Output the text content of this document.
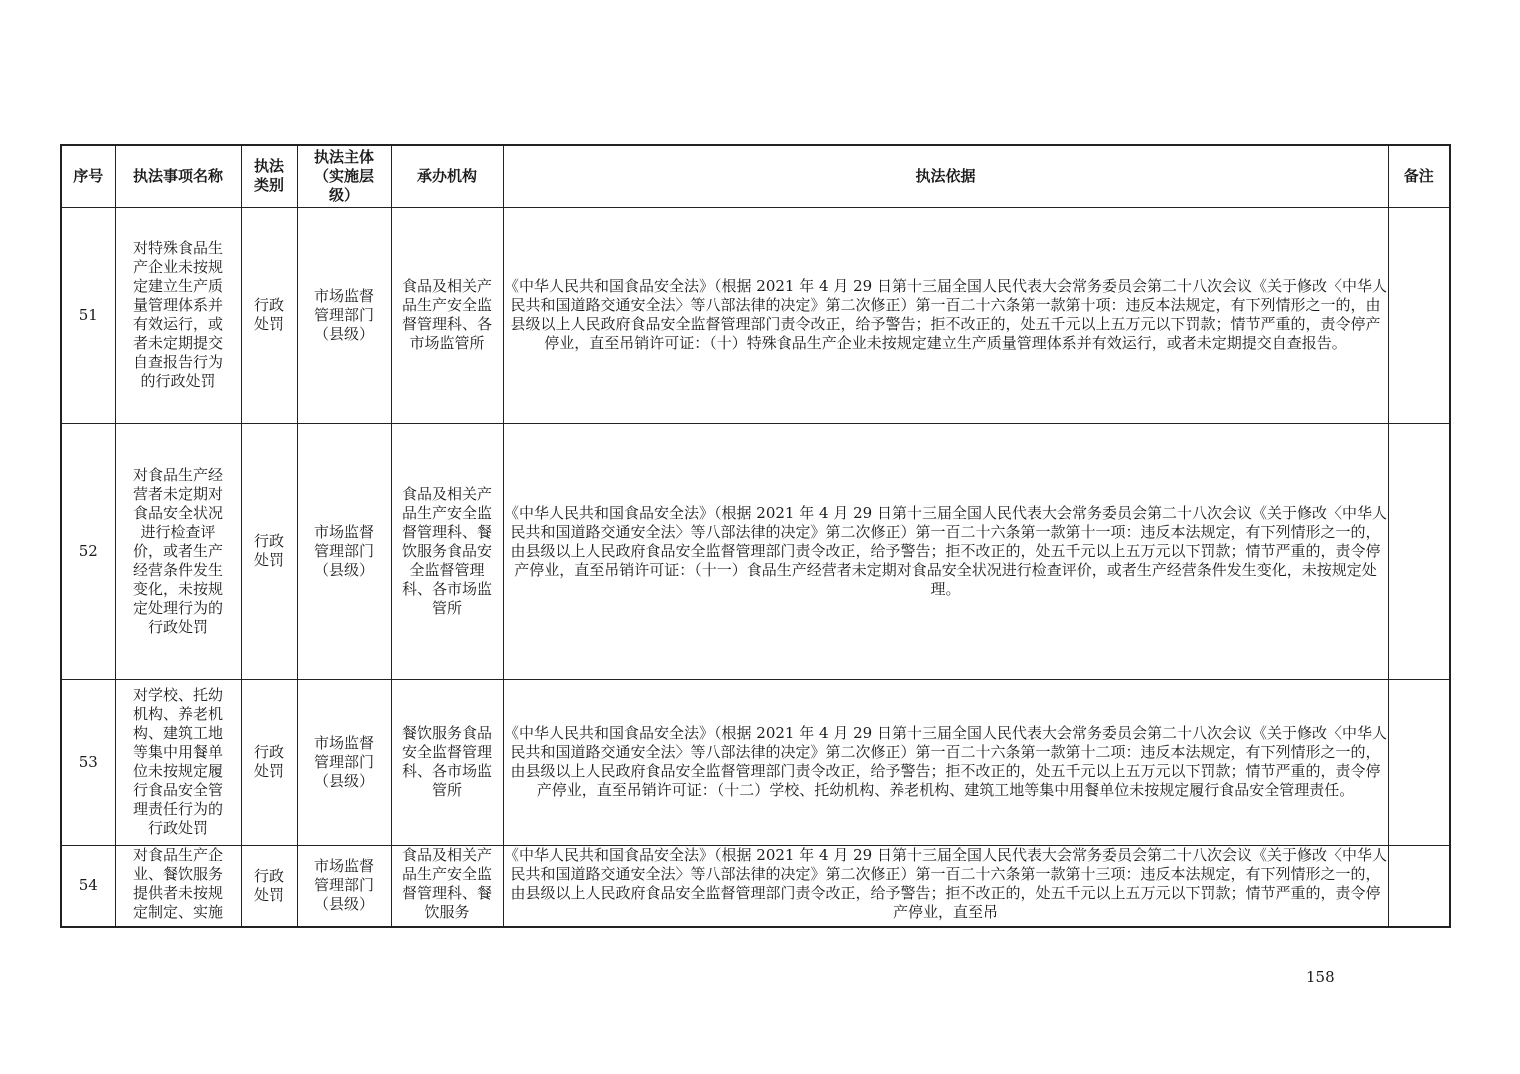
序号	执法事项名称	执法类别	执法主体（实施层级）	承办机构	执法依据	备注
51	对特殊食品生产企业未按规定建立生产质量管理体系并有效运行，或者未定期提交自查报告行为的行政处罚	行政处罚	市场监督管理部门（县级）	食品及相关产品生产安全监督管理科、各市场监管所	《中华人民共和国食品安全法》（根据 2021 年 4 月 29 日第十三届全国人民代表大会常务委员会第二十八次会议《关于修改〈中华人民共和国道路交通安全法〉等八部法律的决定》第二次修正）第一百二十六条第一款第十项：违反本法规定，有下列情形之一的，由县级以上人民政府食品安全监督管理部门责令改正，给予警告；拒不改正的，处五千元以上五万元以下罚款；情节严重的，责令停产停业，直至吊销许可证：（十）特殊食品生产企业未按规定建立生产质量管理体系并有效运行，或者未定期提交自查报告。	
52	对食品生产经营者未定期对食品安全状况进行检查评价，或者生产经营条件发生变化，未按规定处理行为的行政处罚	行政处罚	市场监督管理部门（县级）	食品及相关产品生产安全监督管理科、餐饮服务食品安全监督管理科、各市场监管所	《中华人民共和国食品安全法》（根据 2021 年 4 月 29 日第十三届全国人民代表大会常务委员会第二十八次会议《关于修改〈中华人民共和国道路交通安全法〉等八部法律的决定》第二次修正）第一百二十六条第一款第十一项：违反本法规定，有下列情形之一的，由县级以上人民政府食品安全监督管理部门责令改正，给予警告；拒不改正的，处五千元以上五万元以下罚款；情节严重的，责令停产停业，直至吊销许可证：（十一）食品生产经营者未定期对食品安全状况进行检查评价，或者生产经营条件发生变化，未按规定处理。	
53	对学校、托幼机构、养老机构、建筑工地等集中用餐单位未按规定履行食品安全管理责任行为的行政处罚	行政处罚	市场监督管理部门（县级）	餐饮服务食品安全监督管理科、各市场监管所	《中华人民共和国食品安全法》（根据 2021 年 4 月 29 日第十三届全国人民代表大会常务委员会第二十八次会议《关于修改〈中华人民共和国道路交通安全法〉等八部法律的决定》第二次修正）第一百二十六条第一款第十二项：违反本法规定，有下列情形之一的，由县级以上人民政府食品安全监督管理部门责令改正，给予警告；拒不改正的，处五千元以上五万元以下罚款；情节严重的，责令停产停业，直至吊销许可证：（十二）学校、托幼机构、养老机构、建筑工地等集中用餐单位未按规定履行食品安全管理责任。	
54	对食品生产企业、餐饮服务提供者未按规定制定、实施	行政处罚	市场监督管理部门（县级）	食品及相关产品生产安全监督管理科、餐饮服务	《中华人民共和国食品安全法》（根据 2021 年 4 月 29 日第十三届全国人民代表大会常务委员会第二十八次会议《关于修改〈中华人民共和国道路交通安全法〉等八部法律的决定》第二次修正）第一百二十六条第一款第十三项：违反本法规定，有下列情形之一的，由县级以上人民政府食品安全监督管理部门责令改正，给予警告；拒不改正的，处五千元以上五万元以下罚款；情节严重的，责令停产停业，直至吊	

158
